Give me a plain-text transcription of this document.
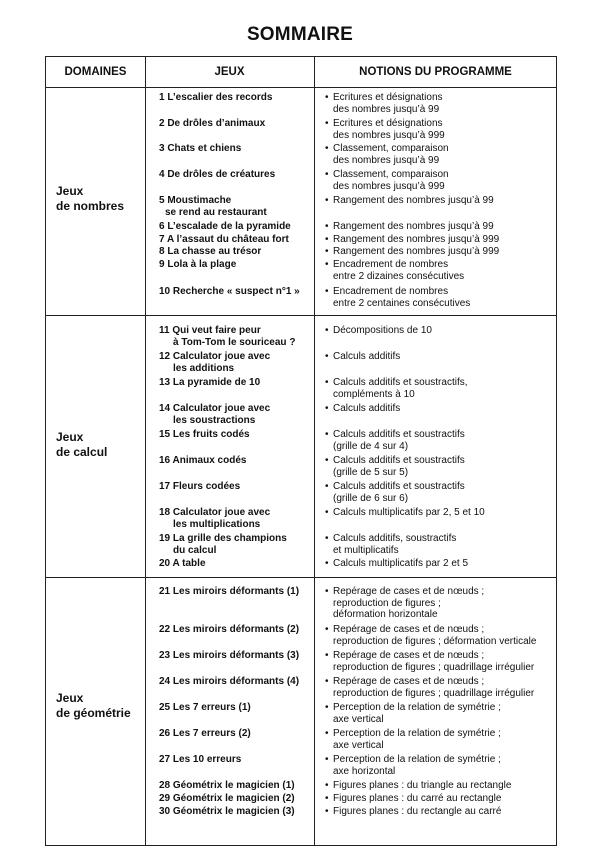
SOMMAIRE
DOMAINES	JEUX	NOTIONS DU PROGRAMME
Jeux
de nombres
1 L’escalier des records
2 De drôles d’animaux
3 Chats et chiens
4 De drôles de créatures
5 Moustimache
se rend au restaurant
6 L’escalade de la pyramide
7 A l’assaut du château fort
8 La chasse au trésor
9 Lola à la plage
10 Recherche « suspect n°1 »
• Ecritures et désignations
des nombres jusqu’à 99
• Ecritures et désignations
des nombres jusqu’à 999
• Classement, comparaison
des nombres jusqu’à 99
• Classement, comparaison
des nombres jusqu’à 999
• Rangement des nombres jusqu’à 99
• Rangement des nombres jusqu’à 99
• Rangement des nombres jusqu’à 999
• Rangement des nombres jusqu’à 999
• Encadrement de nombres
entre 2 dizaines consécutives
• Encadrement de nombres
entre 2 centaines consécutives
Jeux
de calcul
11 Qui veut faire peur
à Tom-Tom le souriceau ?
12 Calculator joue avec
les additions
13 La pyramide de 10
14 Calculator joue avec
les soustractions
15 Les fruits codés
16 Animaux codés
17 Fleurs codées
18 Calculator joue avec
les multiplications
19 La grille des champions
du calcul
20 A table
• Décompositions de 10
• Calculs additifs
• Calculs additifs et soustractifs,
compléments à 10
• Calculs additifs
• Calculs additifs et soustractifs
(grille de 4 sur 4)
• Calculs additifs et soustractifs
(grille de 5 sur 5)
• Calculs additifs et soustractifs
(grille de 6 sur 6)
• Calculs multiplicatifs par 2, 5 et 10
• Calculs additifs, soustractifs
et multiplicatifs
• Calculs multiplicatifs par 2 et 5
Jeux
de géométrie
21 Les miroirs déformants (1)
22 Les miroirs déformants (2)
23 Les miroirs déformants (3)
24 Les miroirs déformants (4)
25 Les 7 erreurs (1)
26 Les 7 erreurs (2)
27 Les 10 erreurs
28 Géométrix le magicien (1)
29 Géométrix le magicien (2)
30 Géométrix le magicien (3)
• Repérage de cases et de nœuds ;
reproduction de figures ;
déformation horizontale
• Repérage de cases et de nœuds ;
reproduction de figures ; déformation verticale
• Repérage de cases et de nœuds ;
reproduction de figures ; quadrillage irrégulier
• Repérage de cases et de nœuds ;
reproduction de figures ; quadrillage irrégulier
• Perception de la relation de symétrie ;
axe vertical
• Perception de la relation de symétrie ;
axe vertical
• Perception de la relation de symétrie ;
axe horizontal
• Figures planes : du triangle au rectangle
• Figures planes : du carré au rectangle
• Figures planes : du rectangle au carré
